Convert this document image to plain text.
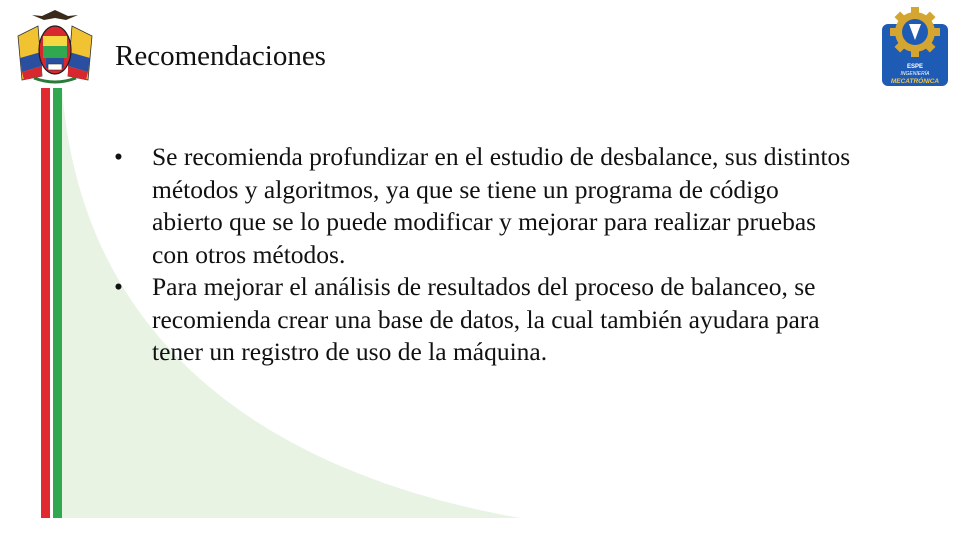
Recomendaciones
• Se recomienda profundizar en el estudio de desbalance, sus distintos métodos y algoritmos, ya que se tiene un programa de código abierto que se lo puede modificar y mejorar para realizar pruebas con otros métodos.
• Para mejorar el análisis de resultados del proceso de balanceo, se recomienda crear una base de datos, la cual también ayudara para tener un registro de uso de la máquina.
ESPE
INGENIERÍA
MECATRÓNICA
